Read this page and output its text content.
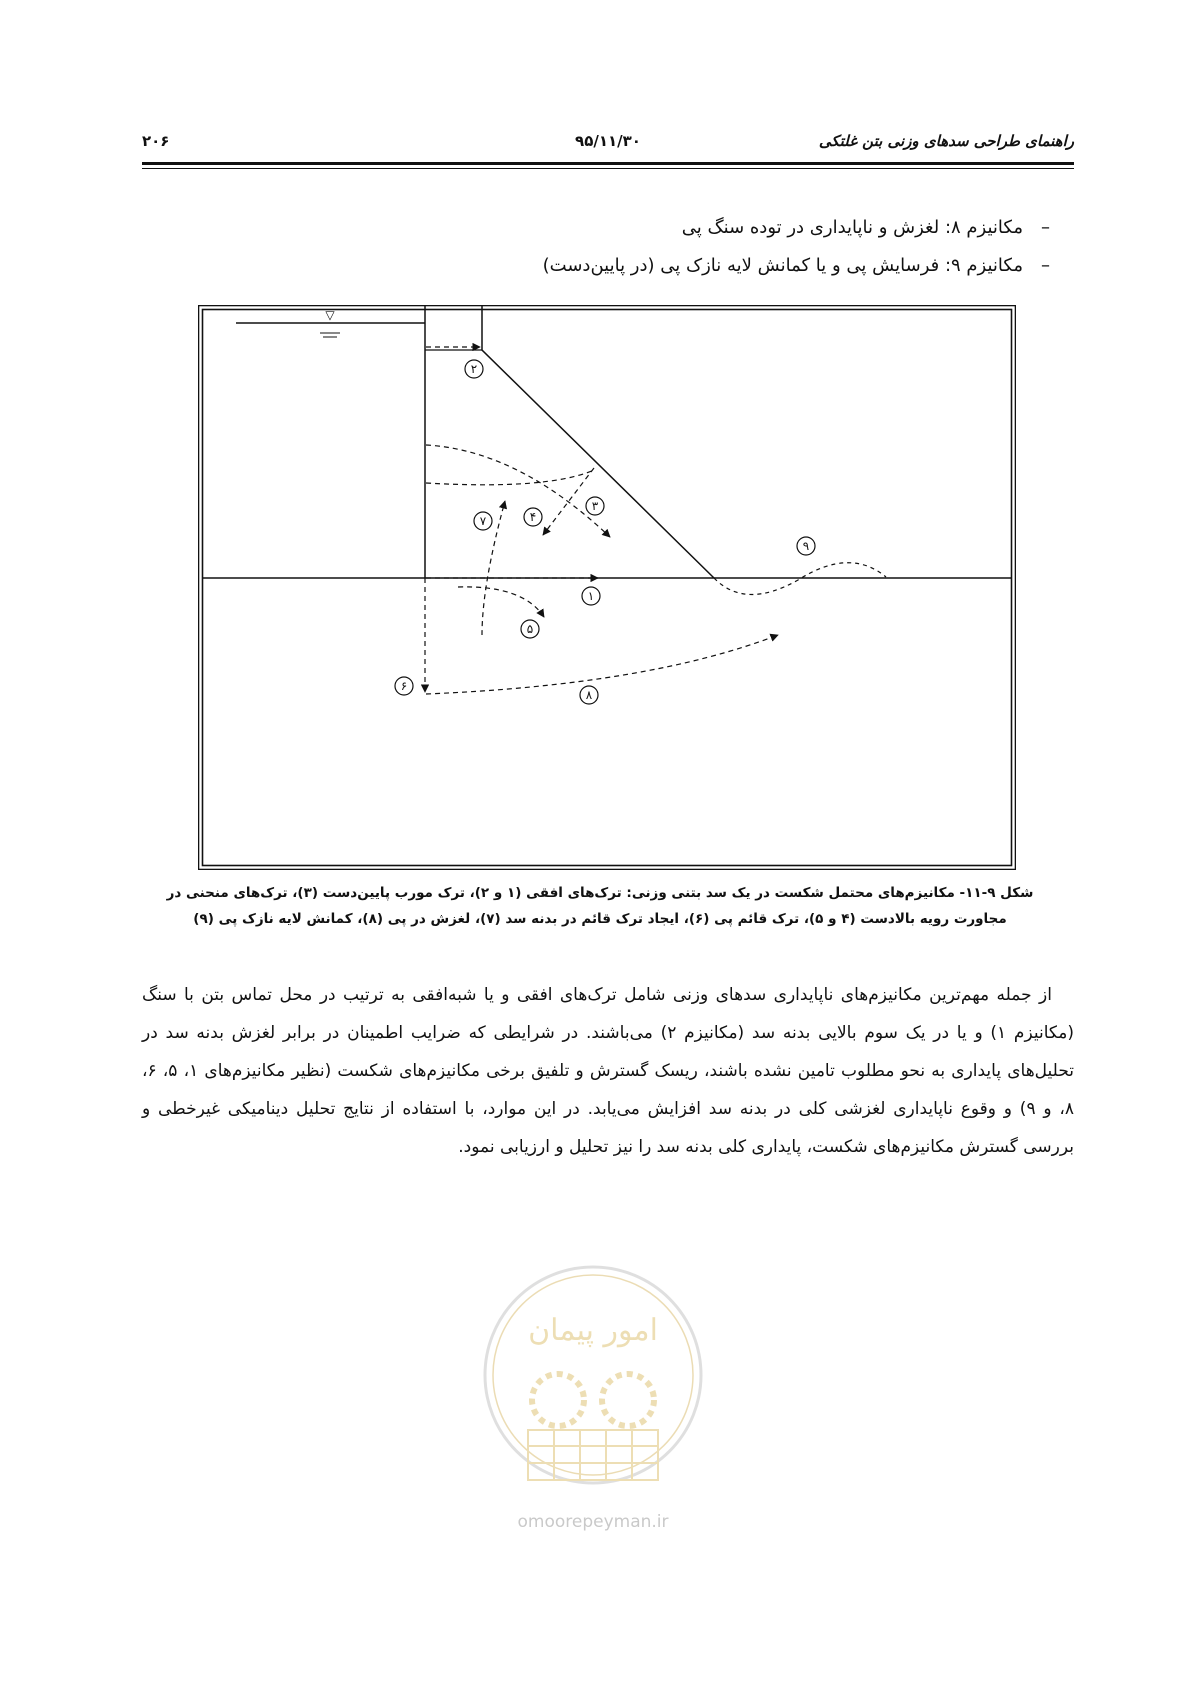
راهنمای طراحی سدهای وزنی بتن غلتکی
۹۵/۱۱/۳۰
۲۰۶
–مکانیزم ۸: لغزش و ناپایداری در توده سنگ پی
–مکانیزم ۹: فرسایش پی و یا کمانش لایه نازک پی (در پایین‌دست)
▽
۱
۲
۳
۴
۵
۶
۷
۸
۹
شکل ۹-۱۱- مکانیزم‌های محتمل شکست در یک سد بتنی وزنی: ترک‌های افقی (۱ و ۲)، ترک مورب پایین‌دست (۳)، ترک‌های منحنی در
مجاورت رویه بالادست (۴ و ۵)، ترک قائم پی (۶)، ایجاد ترک قائم در بدنه سد (۷)، لغزش در پی (۸)، کمانش لایه نازک پی (۹)

از جمله مهم‌ترین مکانیزم‌های ناپایداری سدهای وزنی شامل ترک‌های افقی و یا شبه‌افقی به ترتیب در محل تماس بتن با سنگ (مکانیزم ۱) و یا در یک سوم بالایی بدنه سد (مکانیزم ۲) می‌باشند. در شرایطی که ضرایب اطمینان در برابر لغزش بدنه سد در تحلیل‌های پایداری به نحو مطلوب تامین نشده باشند، ریسک گسترش و تلفیق برخی مکانیزم‌های شکست (نظیر مکانیزم‌های ۱، ۵، ۶، ۸، و ۹) و وقوع ناپایداری لغزشی کلی در بدنه سد افزایش می‌یابد. در این موارد، با استفاده از نتایج تحلیل دینامیکی غیرخطی و بررسی گسترش مکانیزم‌های شکست، پایداری کلی بدنه سد را نیز تحلیل و ارزیابی نمود.

امور پیمان
omoorepeyman.ir
